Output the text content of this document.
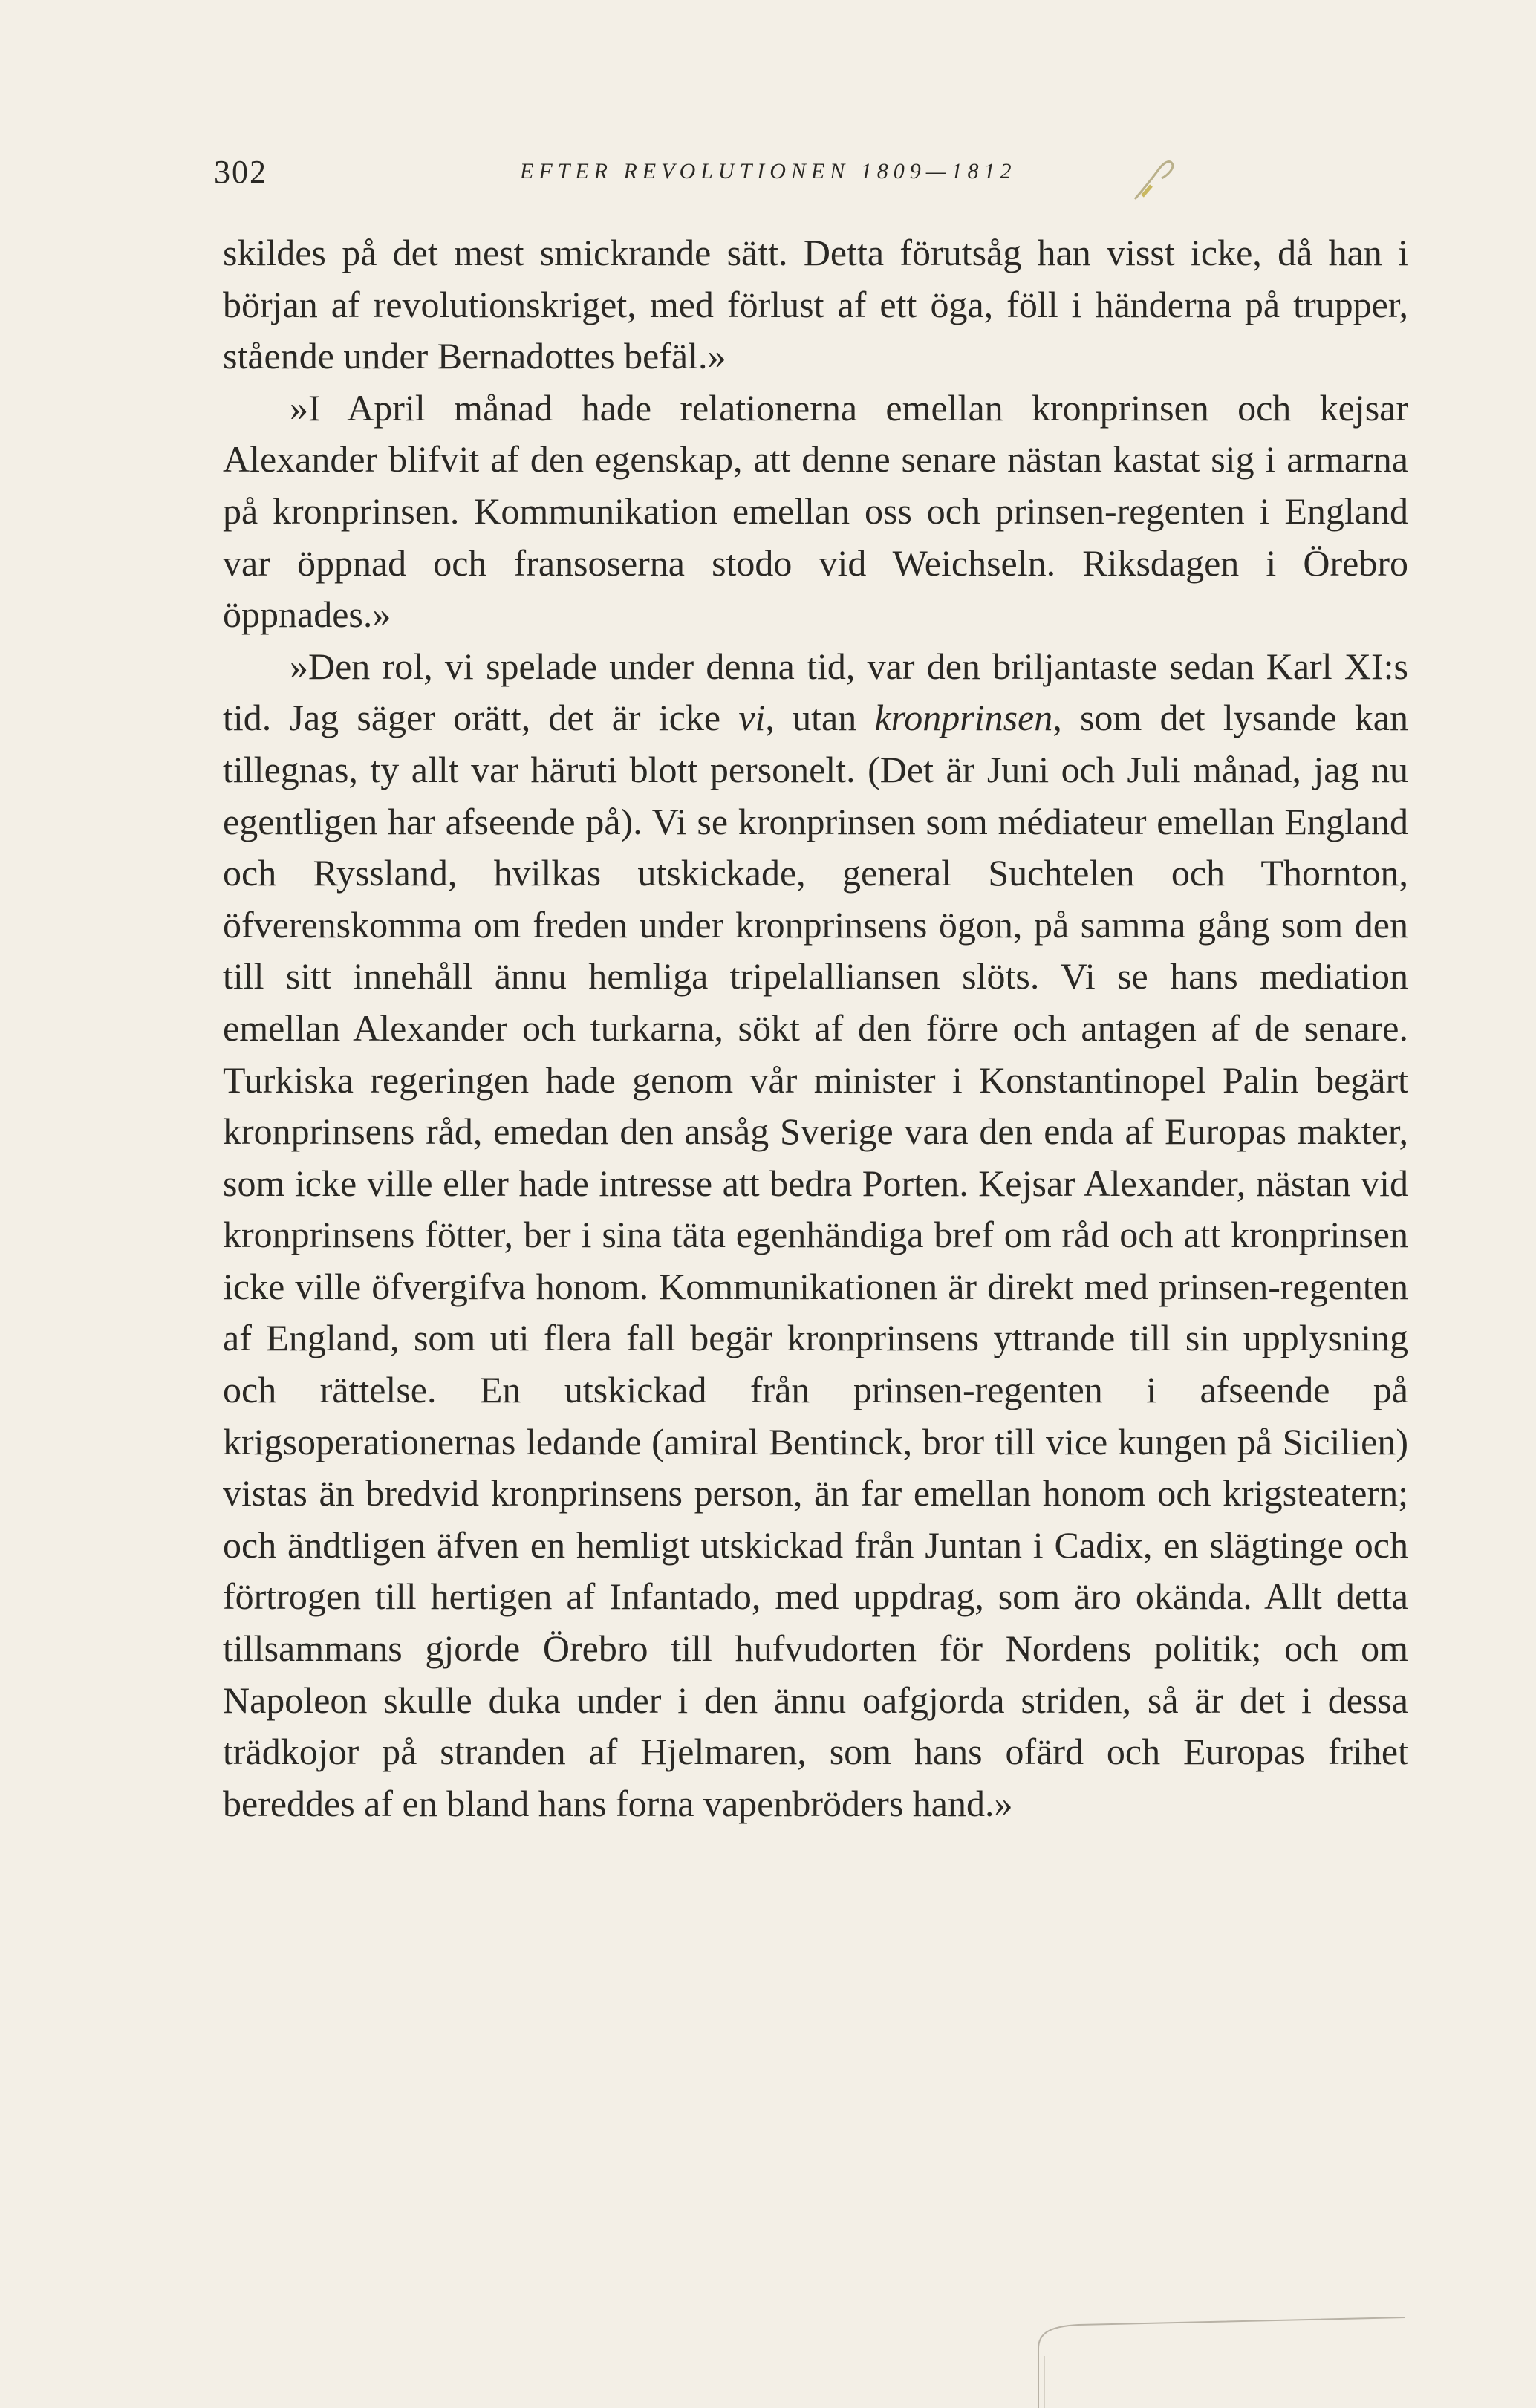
302	EFTER REVOLUTIONEN 1809—1812

skildes på det mest smickrande sätt. Detta förutsåg han visst icke, då han i början af revolutionskriget, med förlust af ett öga, föll i händerna på trupper, stående under Bernadottes befäl.»

»I April månad hade relationerna emellan kronprinsen och kejsar Alexander blifvit af den egenskap, att denne senare nästan kastat sig i armarna på kronprinsen. Kommunikation emellan oss och prinsen-regenten i England var öppnad och fransoserna stodo vid Weichseln. Riksdagen i Örebro öppnades.»

»Den rol, vi spelade under denna tid, var den briljantaste sedan Karl XI:s tid. Jag säger orätt, det är icke vi, utan kronprinsen, som det lysande kan tillegnas, ty allt var häruti blott personelt. (Det är Juni och Juli månad, jag nu egentligen har afseende på). Vi se kronprinsen som médiateur emellan England och Ryssland, hvilkas utskickade, general Suchtelen och Thornton, öfverenskomma om freden under kronprinsens ögon, på samma gång som den till sitt innehåll ännu hemliga tripelalliansen slöts. Vi se hans mediation emellan Alexander och turkarna, sökt af den förre och antagen af de senare. Turkiska regeringen hade genom vår minister i Konstantinopel Palin begärt kronprinsens råd, emedan den ansåg Sverige vara den enda af Europas makter, som icke ville eller hade intresse att bedra Porten. Kejsar Alexander, nästan vid kronprinsens fötter, ber i sina täta egenhändiga bref om råd och att kronprinsen icke ville öfvergifva honom. Kommunikationen är direkt med prinsen-regenten af England, som uti flera fall begär kronprinsens yttrande till sin upplysning och rättelse. En utskickad från prinsen-regenten i afseende på krigsoperationernas ledande (amiral Bentinck, bror till vice kungen på Sicilien) vistas än bredvid kronprinsens person, än far emellan honom och krigsteatern; och ändtligen äfven en hemligt utskickad från Juntan i Cadix, en slägtinge och förtrogen till hertigen af Infantado, med uppdrag, som äro okända. Allt detta tillsammans gjorde Örebro till hufvudorten för Nordens politik; och om Napoleon skulle duka under i den ännu oafgjorda striden, så är det i dessa trädkojor på stranden af Hjelmaren, som hans ofärd och Europas frihet bereddes af en bland hans forna vapenbröders hand.»
